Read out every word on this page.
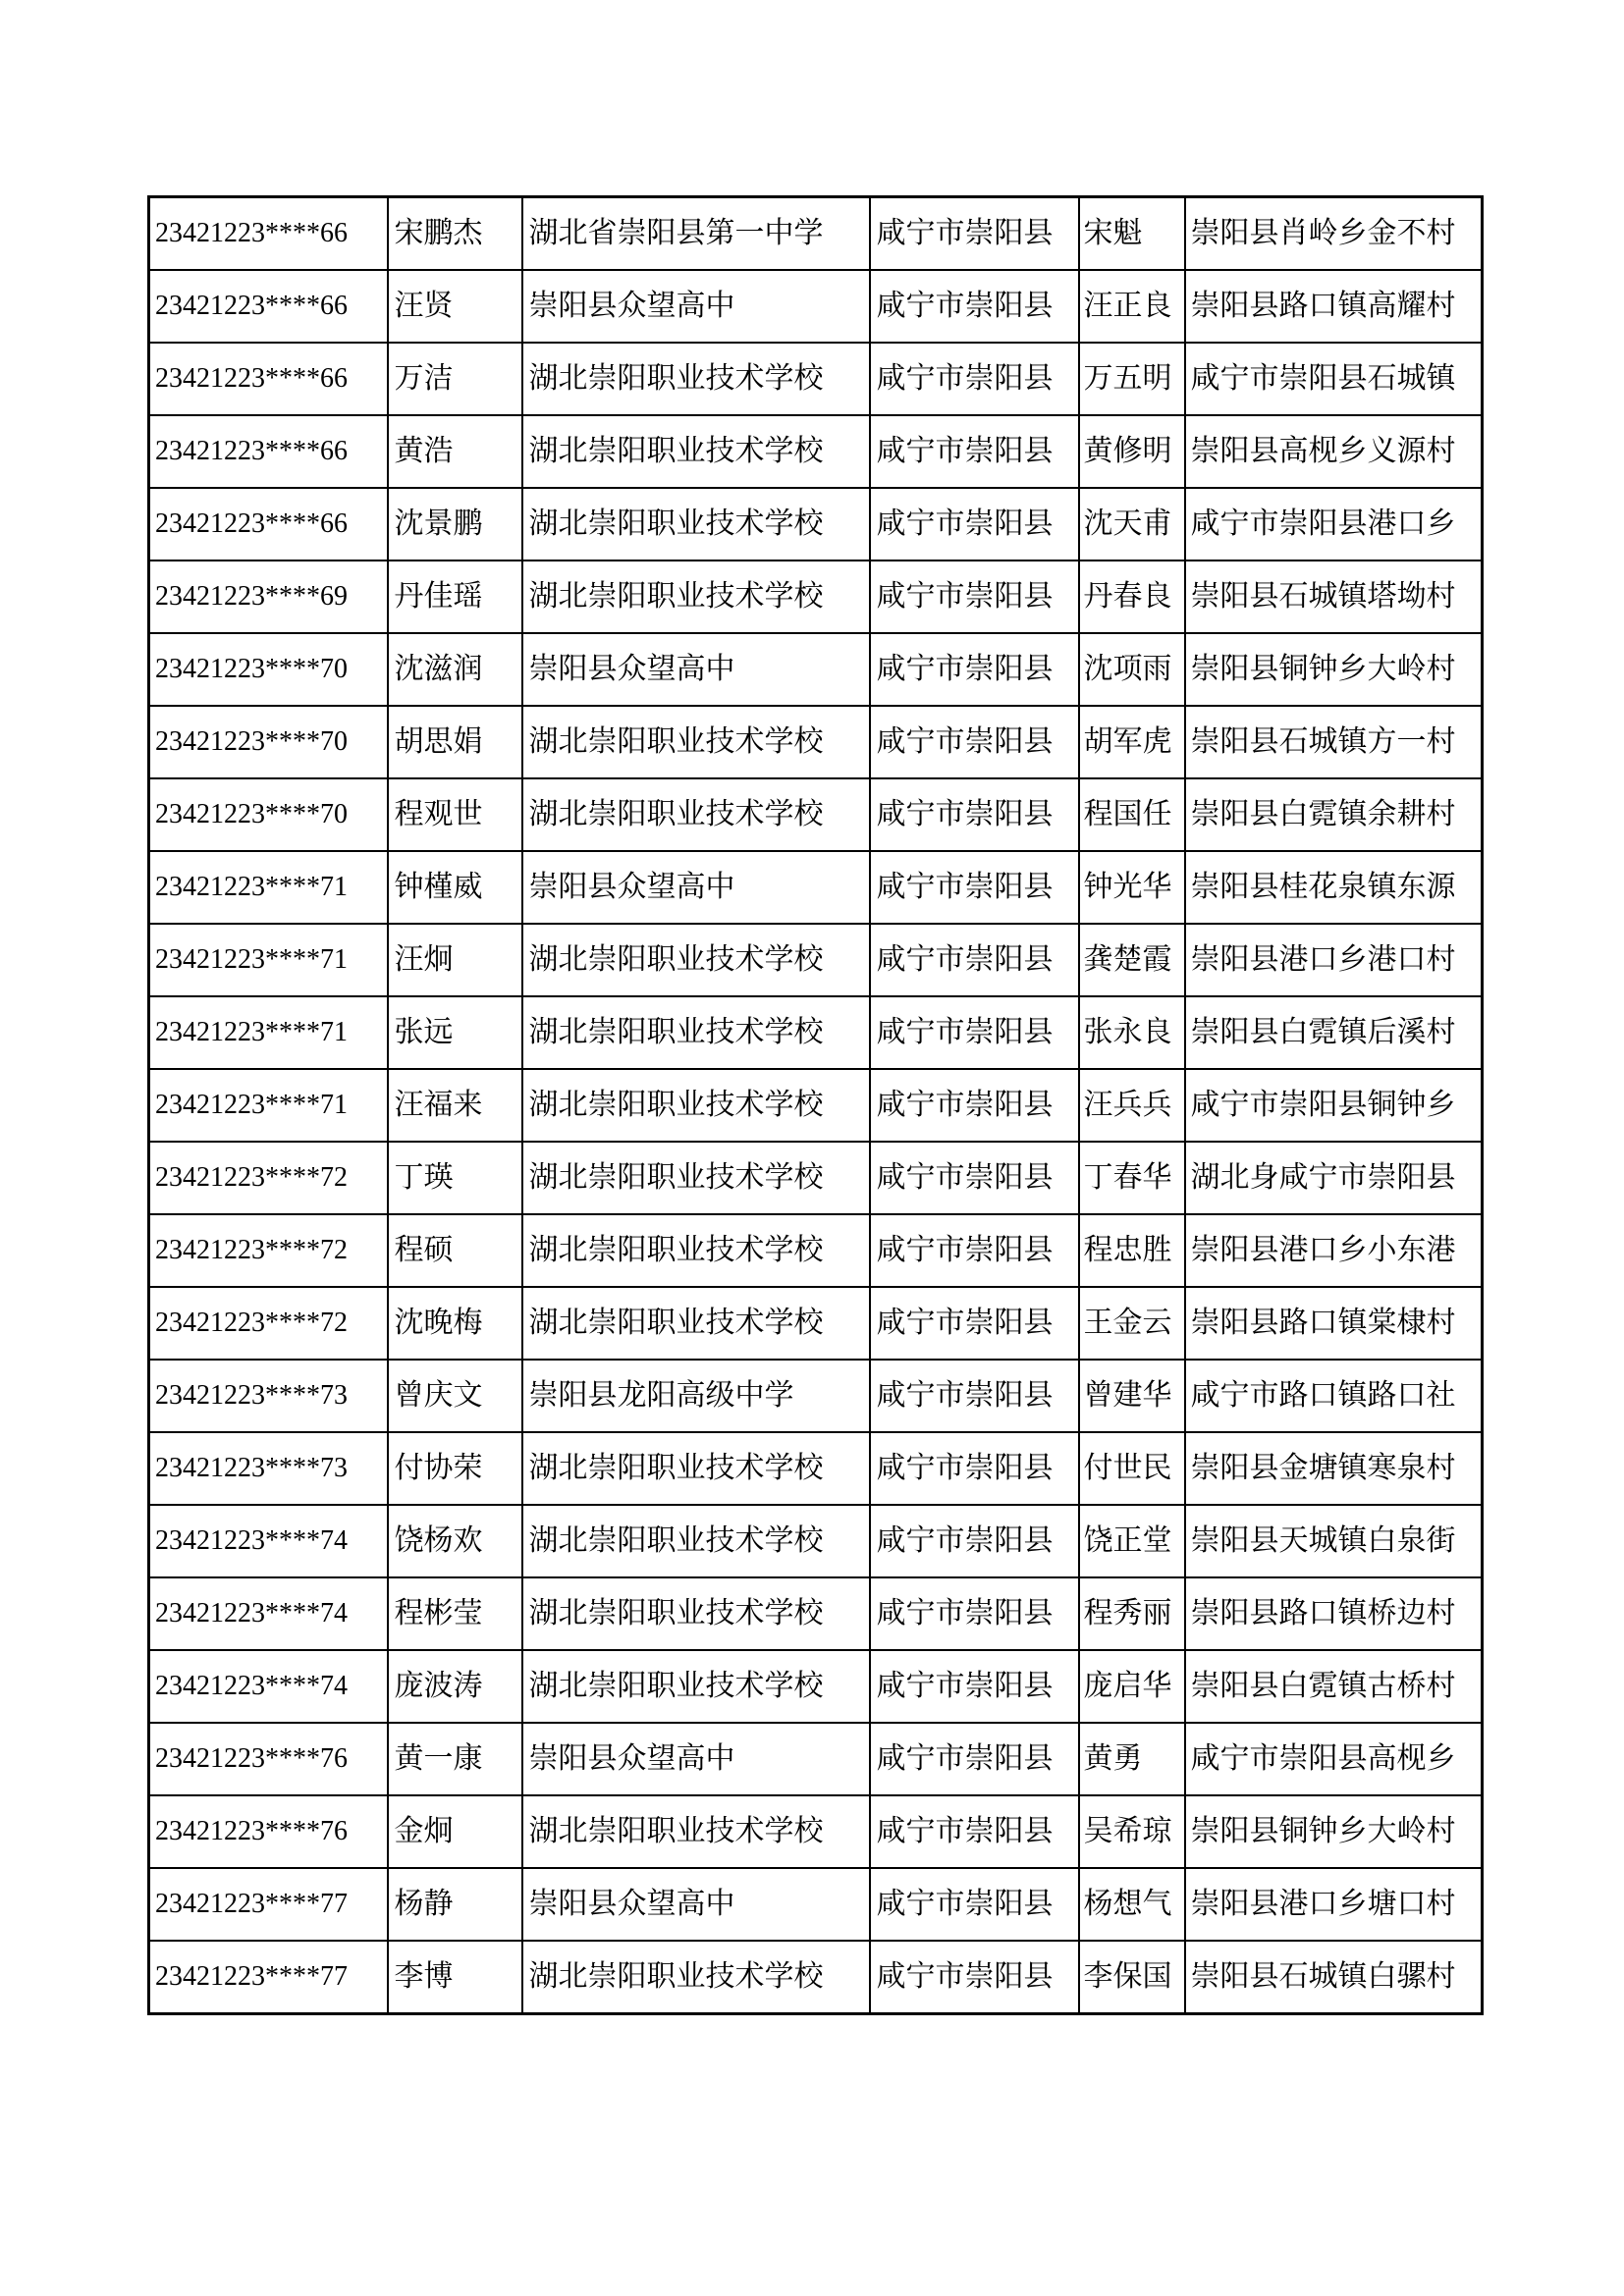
23421223****66	宋鹏杰	湖北省崇阳县第一中学	咸宁市崇阳县	宋魁	崇阳县肖岭乡金不村
23421223****66	汪贤	崇阳县众望高中	咸宁市崇阳县	汪正良	崇阳县路口镇高耀村
23421223****66	万洁	湖北崇阳职业技术学校	咸宁市崇阳县	万五明	咸宁市崇阳县石城镇
23421223****66	黄浩	湖北崇阳职业技术学校	咸宁市崇阳县	黄修明	崇阳县高枧乡义源村
23421223****66	沈景鹏	湖北崇阳职业技术学校	咸宁市崇阳县	沈天甫	咸宁市崇阳县港口乡
23421223****69	丹佳瑶	湖北崇阳职业技术学校	咸宁市崇阳县	丹春良	崇阳县石城镇塔坳村
23421223****70	沈滋润	崇阳县众望高中	咸宁市崇阳县	沈项雨	崇阳县铜钟乡大岭村
23421223****70	胡思娟	湖北崇阳职业技术学校	咸宁市崇阳县	胡军虎	崇阳县石城镇方一村
23421223****70	程观世	湖北崇阳职业技术学校	咸宁市崇阳县	程国任	崇阳县白霓镇余耕村
23421223****71	钟槿威	崇阳县众望高中	咸宁市崇阳县	钟光华	崇阳县桂花泉镇东源
23421223****71	汪炯	湖北崇阳职业技术学校	咸宁市崇阳县	龚楚霞	崇阳县港口乡港口村
23421223****71	张远	湖北崇阳职业技术学校	咸宁市崇阳县	张永良	崇阳县白霓镇后溪村
23421223****71	汪福来	湖北崇阳职业技术学校	咸宁市崇阳县	汪兵兵	咸宁市崇阳县铜钟乡
23421223****72	丁瑛	湖北崇阳职业技术学校	咸宁市崇阳县	丁春华	湖北身咸宁市崇阳县
23421223****72	程硕	湖北崇阳职业技术学校	咸宁市崇阳县	程忠胜	崇阳县港口乡小东港
23421223****72	沈晚梅	湖北崇阳职业技术学校	咸宁市崇阳县	王金云	崇阳县路口镇棠棣村
23421223****73	曾庆文	崇阳县龙阳高级中学	咸宁市崇阳县	曾建华	咸宁市路口镇路口社
23421223****73	付协荣	湖北崇阳职业技术学校	咸宁市崇阳县	付世民	崇阳县金塘镇寒泉村
23421223****74	饶杨欢	湖北崇阳职业技术学校	咸宁市崇阳县	饶正堂	崇阳县天城镇白泉街
23421223****74	程彬莹	湖北崇阳职业技术学校	咸宁市崇阳县	程秀丽	崇阳县路口镇桥边村
23421223****74	庞波涛	湖北崇阳职业技术学校	咸宁市崇阳县	庞启华	崇阳县白霓镇古桥村
23421223****76	黄一康	崇阳县众望高中	咸宁市崇阳县	黄勇	咸宁市崇阳县高枧乡
23421223****76	金炯	湖北崇阳职业技术学校	咸宁市崇阳县	吴希琼	崇阳县铜钟乡大岭村
23421223****77	杨静	崇阳县众望高中	咸宁市崇阳县	杨想气	崇阳县港口乡塘口村
23421223****77	李博	湖北崇阳职业技术学校	咸宁市崇阳县	李保国	崇阳县石城镇白骡村
